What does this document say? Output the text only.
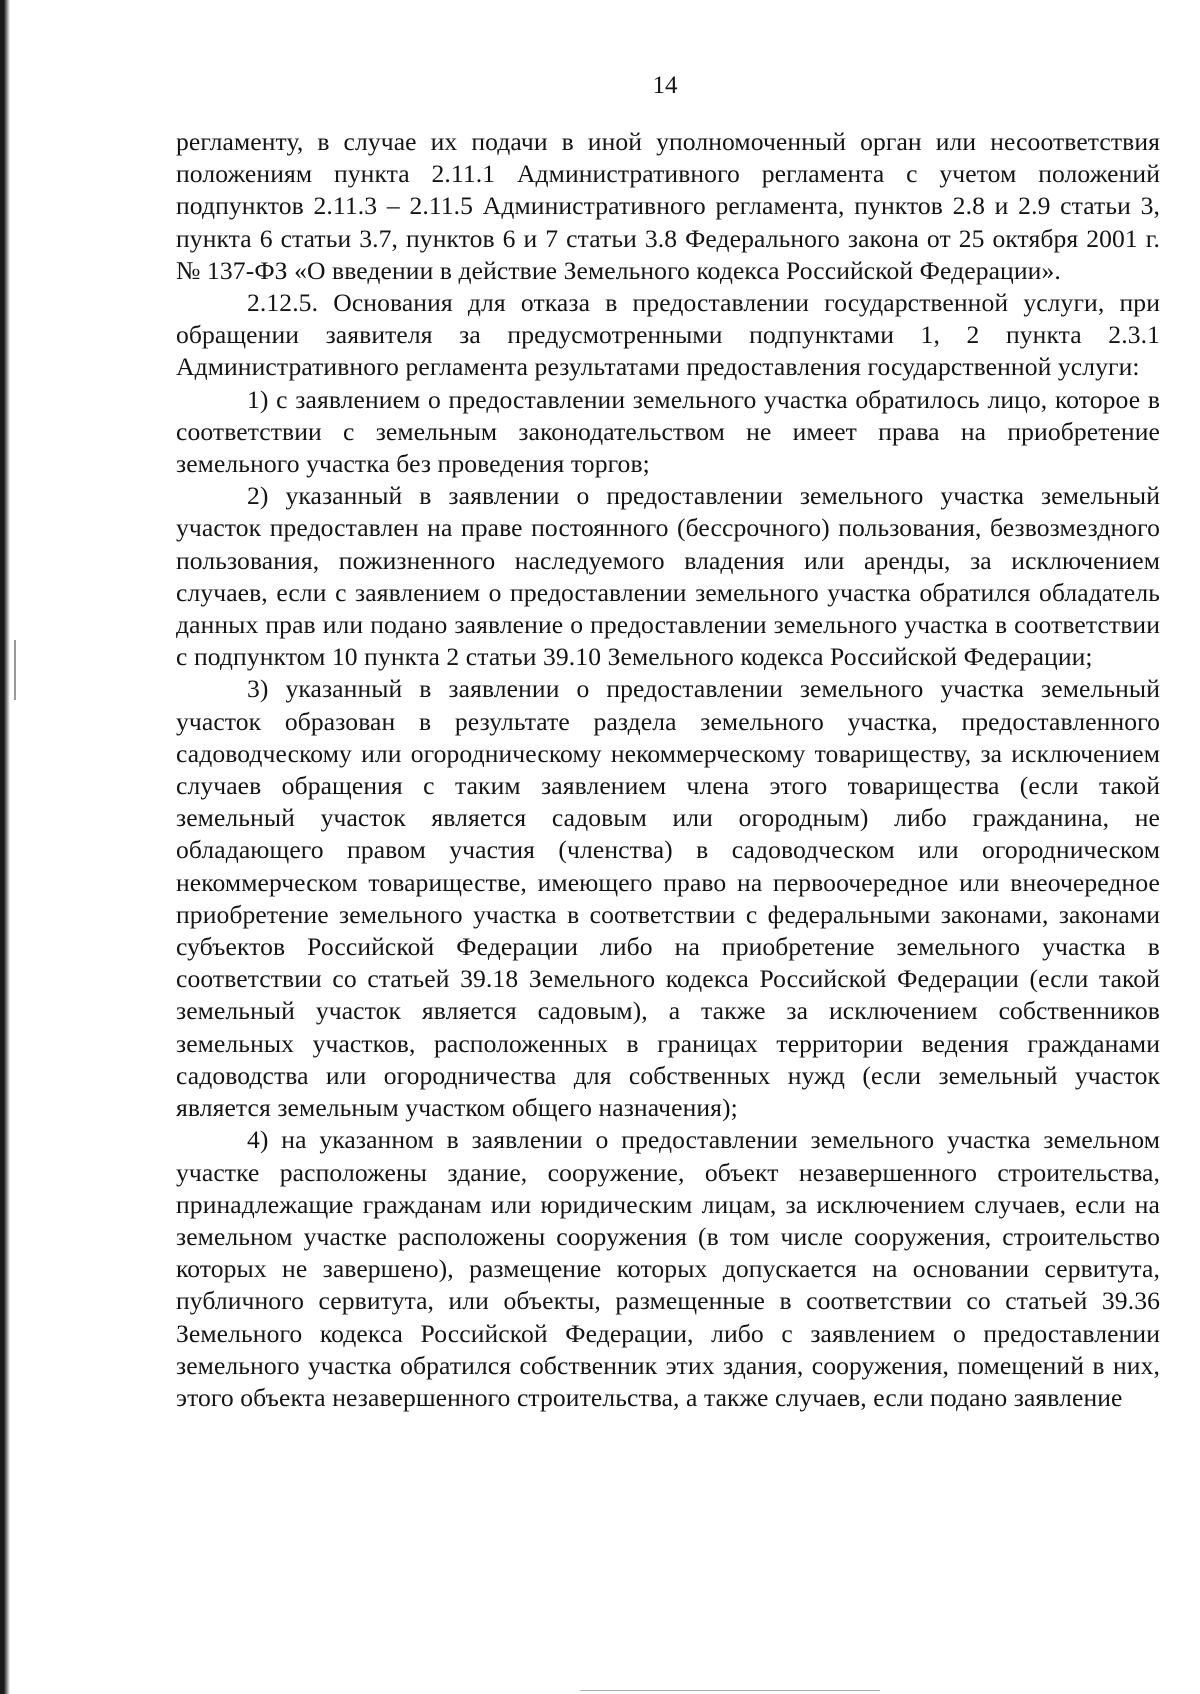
14

регламенту, в случае их подачи в иной уполномоченный орган или несоответствия положениям пункта 2.11.1 Административного регламента с учетом положений подпунктов 2.11.3 – 2.11.5 Административного регламента, пунктов 2.8 и 2.9 статьи 3, пункта 6 статьи 3.7, пунктов 6 и 7 статьи 3.8 Федерального закона от 25 октября 2001 г. № 137-ФЗ «О введении в действие Земельного кодекса Российской Федерации».

2.12.5. Основания для отказа в предоставлении государственной услуги, при обращении заявителя за предусмотренными подпунктами 1, 2 пункта 2.3.1 Административного регламента результатами предоставления государственной услуги:

1) с заявлением о предоставлении земельного участка обратилось лицо, которое в соответствии с земельным законодательством не имеет права на приобретение земельного участка без проведения торгов;

2) указанный в заявлении о предоставлении земельного участка земельный участок предоставлен на праве постоянного (бессрочного) пользования, безвозмездного пользования, пожизненного наследуемого владения или аренды, за исключением случаев, если с заявлением о предоставлении земельного участка обратился обладатель данных прав или подано заявление о предоставлении земельного участка в соответствии с подпунктом 10 пункта 2 статьи 39.10 Земельного кодекса Российской Федерации;

3) указанный в заявлении о предоставлении земельного участка земельный участок образован в результате раздела земельного участка, предоставленного садоводческому или огородническому некоммерческому товариществу, за исключением случаев обращения с таким заявлением члена этого товарищества (если такой земельный участок является садовым или огородным) либо гражданина, не обладающего правом участия (членства) в садоводческом или огородническом некоммерческом товариществе, имеющего право на первоочередное или внеочередное приобретение земельного участка в соответствии с федеральными законами, законами субъектов Российской Федерации либо на приобретение земельного участка в соответствии со статьей 39.18 Земельного кодекса Российской Федерации (если такой земельный участок является садовым), а также за исключением собственников земельных участков, расположенных в границах территории ведения гражданами садоводства или огородничества для собственных нужд (если земельный участок является земельным участком общего назначения);

4) на указанном в заявлении о предоставлении земельного участка земельном участке расположены здание, сооружение, объект незавершенного строительства, принадлежащие гражданам или юридическим лицам, за исключением случаев, если на земельном участке расположены сооружения (в том числе сооружения, строительство которых не завершено), размещение которых допускается на основании сервитута, публичного сервитута, или объекты, размещенные в соответствии со статьей 39.36 Земельного кодекса Российской Федерации, либо с заявлением о предоставлении земельного участка обратился собственник этих здания, сооружения, помещений в них, этого объекта незавершенного строительства, а также случаев, если подано заявление
